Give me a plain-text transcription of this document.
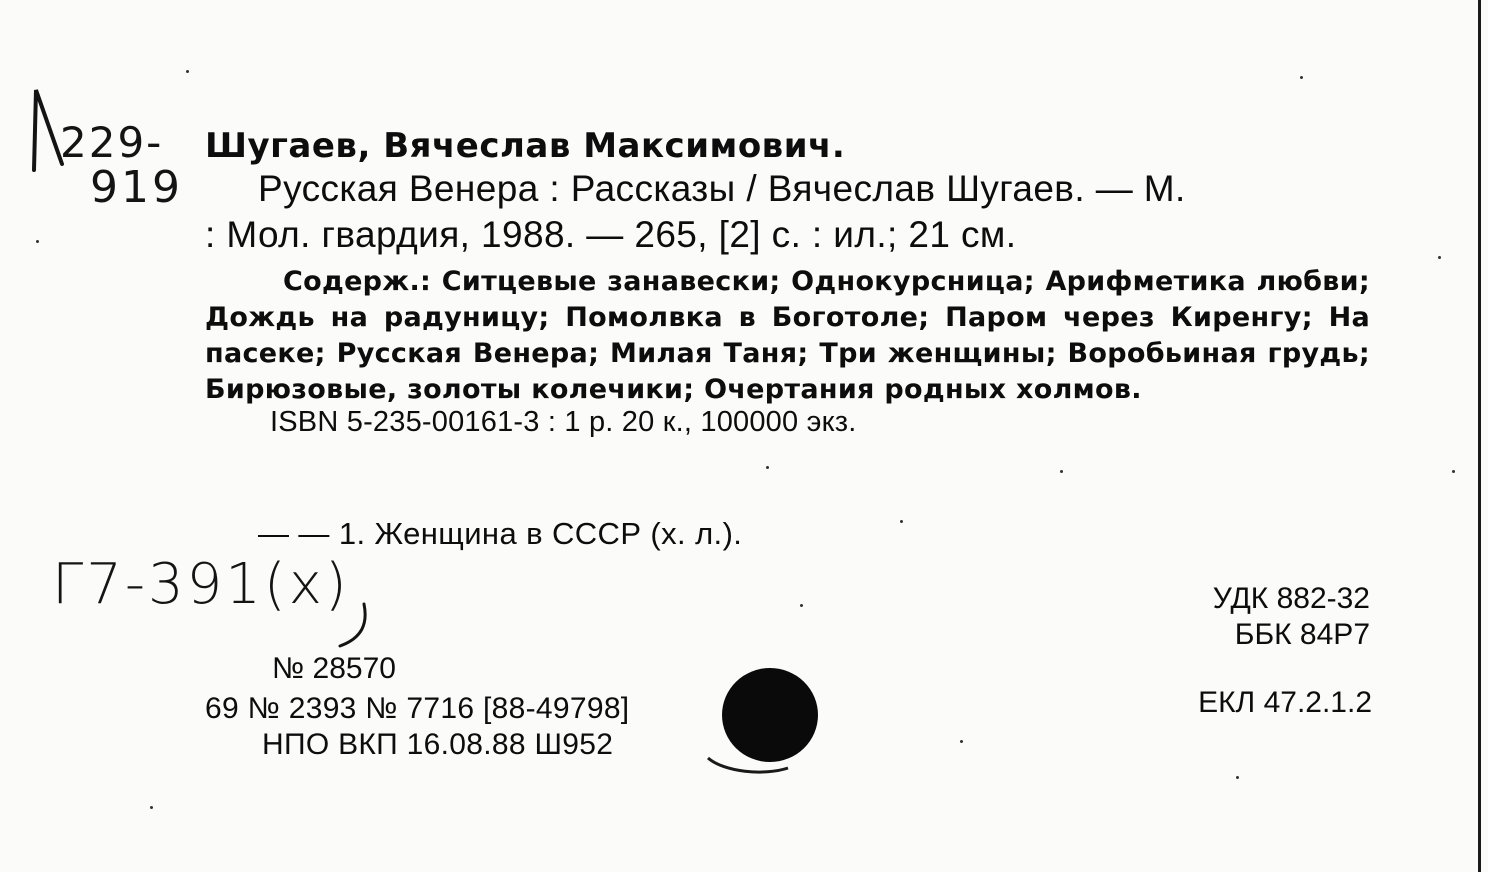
229-
919
Шугаев, Вячеслав Максимович.
Русская Венера : Рассказы / Вячеслав Шугаев. — М.
: Мол. гвардия, 1988. — 265, [2] с. : ил.; 21 см.
Содерж.: Ситцевые занавески; Однокурсница; Арифметика любви; Дождь на радуницу; Помолвка в Боготоле; Паром через Киренгу; На пасеке; Русская Венера; Милая Таня; Три женщины; Воробьиная грудь; Бирюзовые, золоты колечики; Очертания родных холмов.
ISBN 5-235-00161-3 : 1 р. 20 к., 100000 экз.
— — 1. Женщина в СССР (х. л.).
Г7-391(х)
№ 28570
69 № 2393 № 7716 [88-49798]
НПО ВКП 16.08.88 Ш952
УДК 882-32
ББК 84Р7
ЕКЛ 47.2.1.2
